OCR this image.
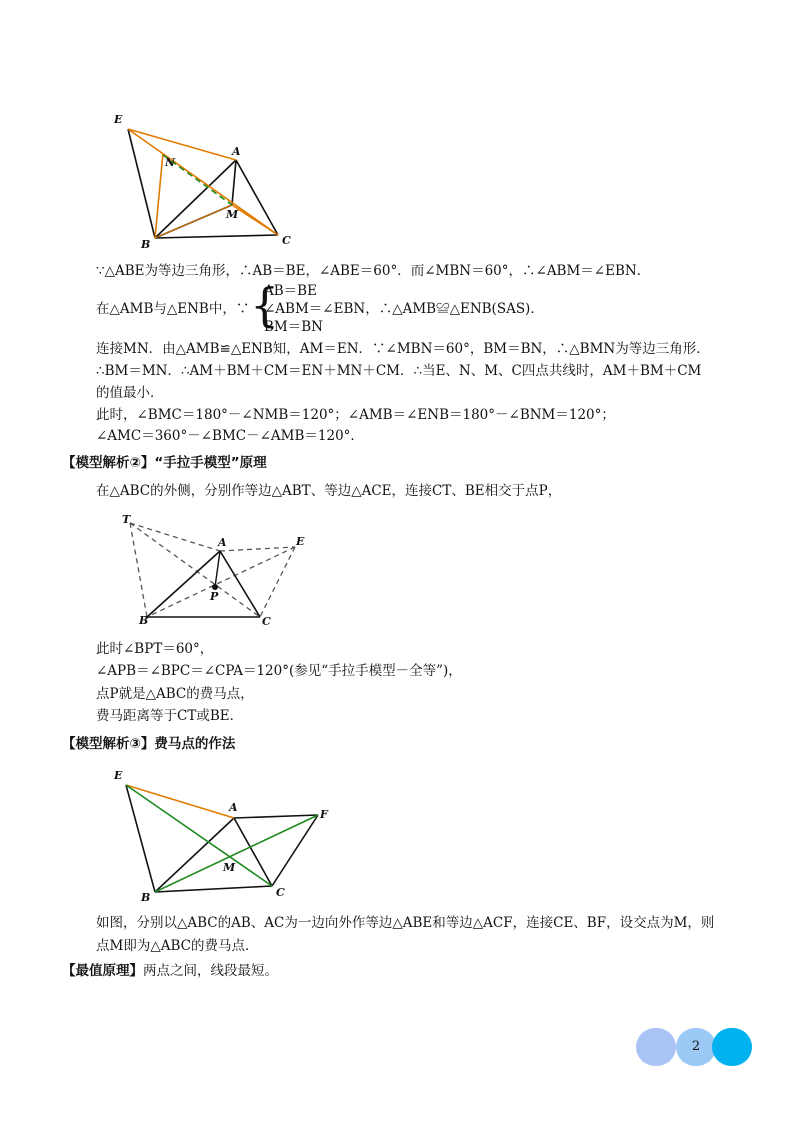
E
N
A
M
B	C
∵△ABE为等边三角形，∴AB＝BE，∠ABE＝60°．而∠MBN＝60°，∴∠ABM＝∠EBN．
在△AMB与△ENB中，∵ {
AB＝BE
∠ABM＝∠EBN，∴△AMB≌△ENB(SAS)．
BM＝BN
连接MN．由△AMB≌△ENB知，AM＝EN．∵∠MBN＝60°，BM＝BN，∴△BMN为等边三角形．
∴BM＝MN．∴AM＋BM＋CM＝EN＋MN＋CM．∴当E、N、M、C四点共线时，AM＋BM＋CM
的值最小．
此时，∠BMC＝180°－∠NMB＝120°；∠AMB＝∠ENB＝180°－∠BNM＝120°；
∠AMC＝360°－∠BMC－∠AMB＝120°．
【模型解析②】“手拉手模型”原理
在△ABC的外侧，分别作等边△ABT、等边△ACE，连接CT、BE相交于点P，
T
A	E
P
B	C
此时∠BPT＝60°，
∠APB＝∠BPC＝∠CPA＝120°(参见“手拉手模型－全等”)，
点P就是△ABC的费马点，
费马距离等于CT或BE．
【模型解析③】费马点的作法
E
A
F
M
B	C
如图，分别以△ABC的AB、AC为一边向外作等边△ABE和等边△ACF，连接CE、BF，设交点为M，则
点M即为△ABC的费马点．
【最值原理】两点之间，线段最短。
2
